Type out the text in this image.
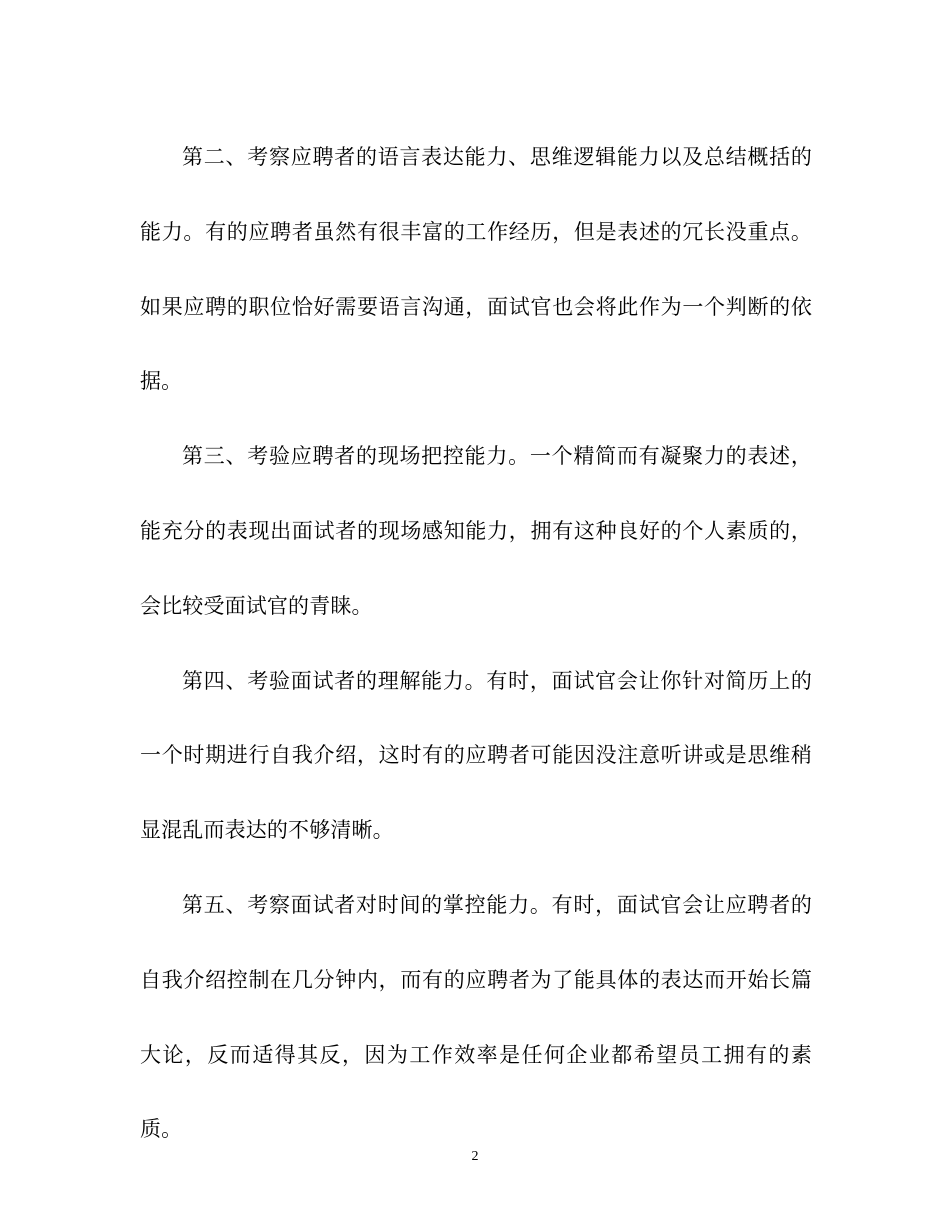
第二、考察应聘者的语言表达能力、思维逻辑能力以及总结概括的能力。有的应聘者虽然有很丰富的工作经历，但是表述的冗长没重点。如果应聘的职位恰好需要语言沟通，面试官也会将此作为一个判断的依据。

第三、考验应聘者的现场把控能力。一个精简而有凝聚力的表述，能充分的表现出面试者的现场感知能力，拥有这种良好的个人素质的，会比较受面试官的青睐。

第四、考验面试者的理解能力。有时，面试官会让你针对简历上的一个时期进行自我介绍，这时有的应聘者可能因没注意听讲或是思维稍显混乱而表达的不够清晰。

第五、考察面试者对时间的掌控能力。有时，面试官会让应聘者的自我介绍控制在几分钟内，而有的应聘者为了能具体的表达而开始长篇大论，反而适得其反，因为工作效率是任何企业都希望员工拥有的素质。

2
